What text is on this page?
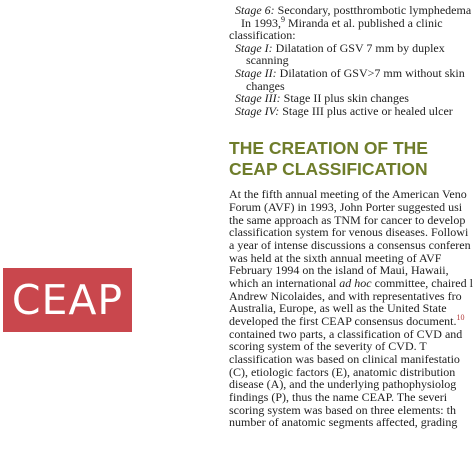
CEAP
Stage 6: Secondary, postthrombotic lymphedema
In 1993,$^9$ Miranda et al. published a clinic
classification:
Stage I: Dilatation of GSV 7 mm by duplex
scanning
Stage II: Dilatation of GSV>7 mm without skin
changes
Stage III: Stage II plus skin changes
Stage IV: Stage III plus active or healed ulcer
THE CREATION OF THE
CEAP CLASSIFICATION
At the fifth annual meeting of the American Veno
Forum (AVF) in 1993, John Porter suggested usi
the same approach as TNM for cancer to develop
classification system for venous diseases. Followi
a year of intense discussions a consensus conferen
was held at the sixth annual meeting of AVF
February 1994 on the island of Maui, Hawaii,
which an international ad hoc committee, chaired l
Andrew Nicolaides, and with representatives fro
Australia, Europe, as well as the United State
developed the first CEAP consensus document.$^{10}$
contained two parts, a classification of CVD and
scoring system of the severity of CVD. T
classification was based on clinical manifestatio
(C), etiologic factors (E), anatomic distribution
disease (A), and the underlying pathophysiolog
findings (P), thus the name CEAP. The severi
scoring system was based on three elements: th
number of anatomic segments affected, grading
